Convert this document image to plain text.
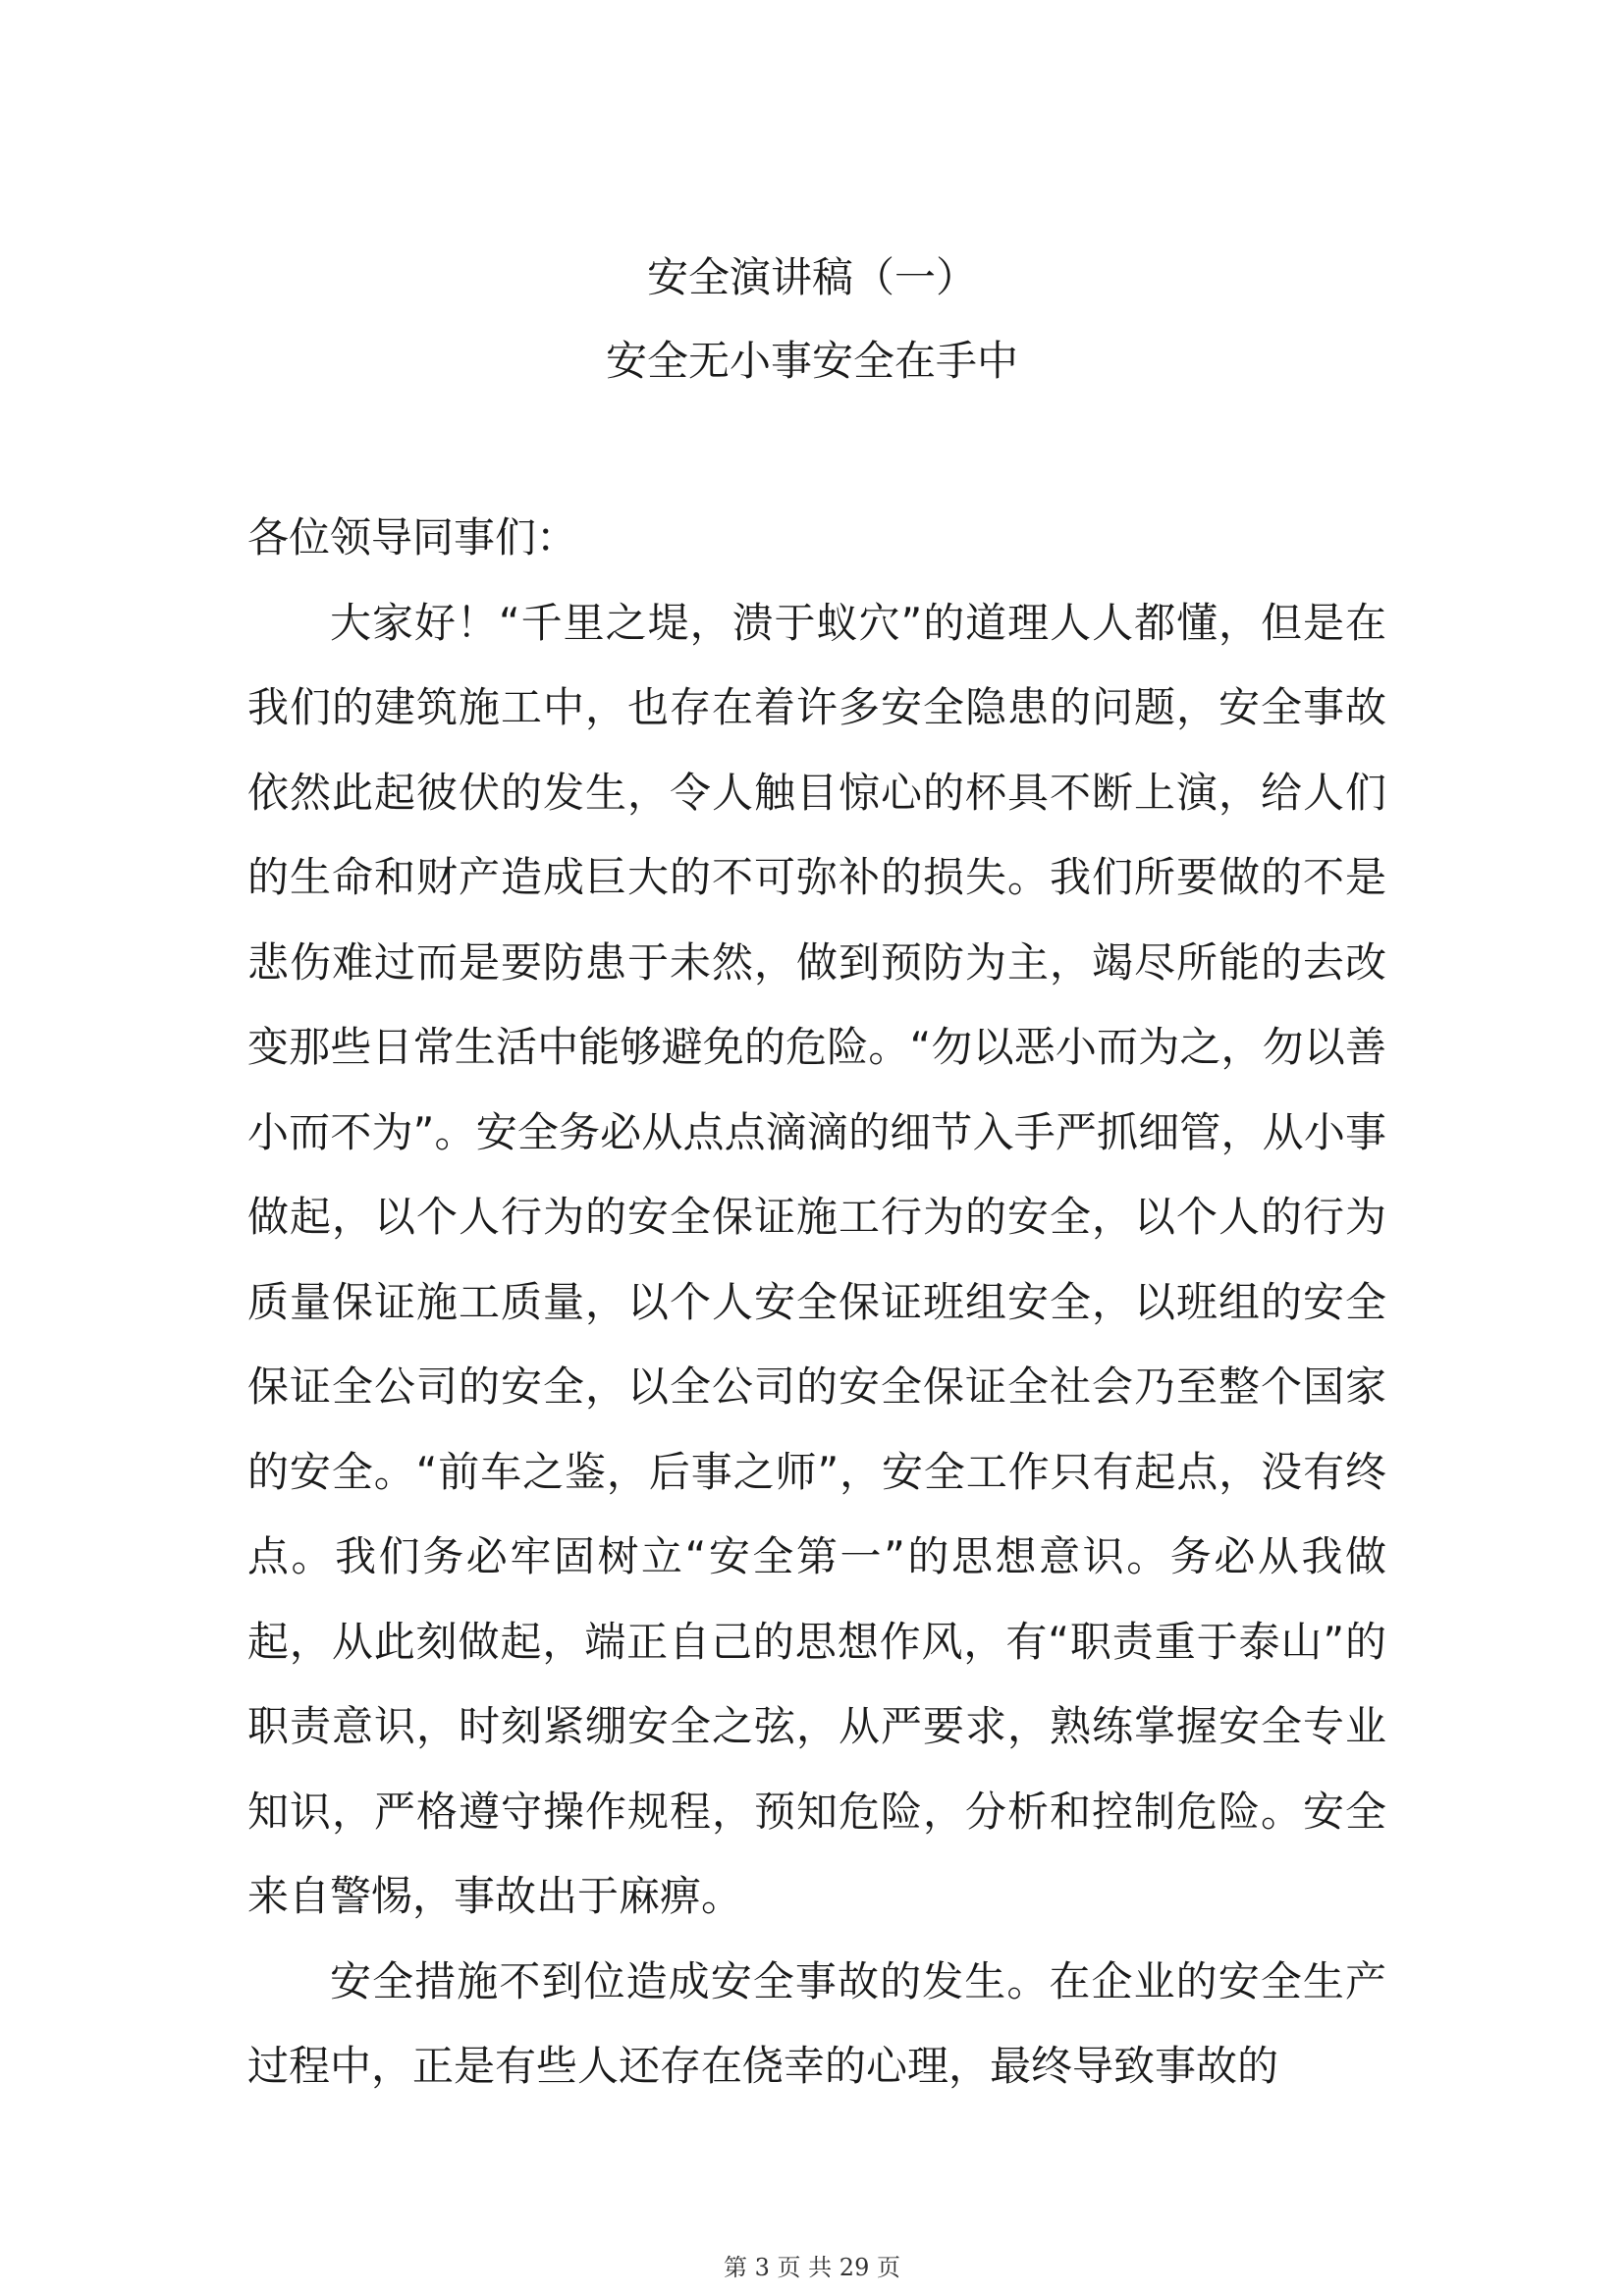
安全演讲稿（一）
安全无小事安全在手中

各位领导同事们：

大家好！“千里之堤，溃于蚁穴”的道理人人都懂，但是在我们的建筑施工中，也存在着许多安全隐患的问题，安全事故依然此起彼伏的发生，令人触目惊心的杯具不断上演，给人们的生命和财产造成巨大的不可弥补的损失。我们所要做的不是悲伤难过而是要防患于未然，做到预防为主，竭尽所能的去改变那些日常生活中能够避免的危险。“勿以恶小而为之，勿以善小而不为”。安全务必从点点滴滴的细节入手严抓细管，从小事做起，以个人行为的安全保证施工行为的安全，以个人的行为质量保证施工质量，以个人安全保证班组安全，以班组的安全保证全公司的安全，以全公司的安全保证全社会乃至整个国家的安全。“前车之鉴，后事之师”，安全工作只有起点，没有终点。我们务必牢固树立“安全第一”的思想意识。务必从我做起，从此刻做起，端正自己的思想作风，有“职责重于泰山”的职责意识，时刻紧绷安全之弦，从严要求，熟练掌握安全专业知识，严格遵守操作规程，预知危险，分析和控制危险。安全来自警惕，事故出于麻痹。

安全措施不到位造成安全事故的发生。在企业的安全生产过程中，正是有些人还存在侥幸的心理，最终导致事故的

第 3 页 共 29 页
